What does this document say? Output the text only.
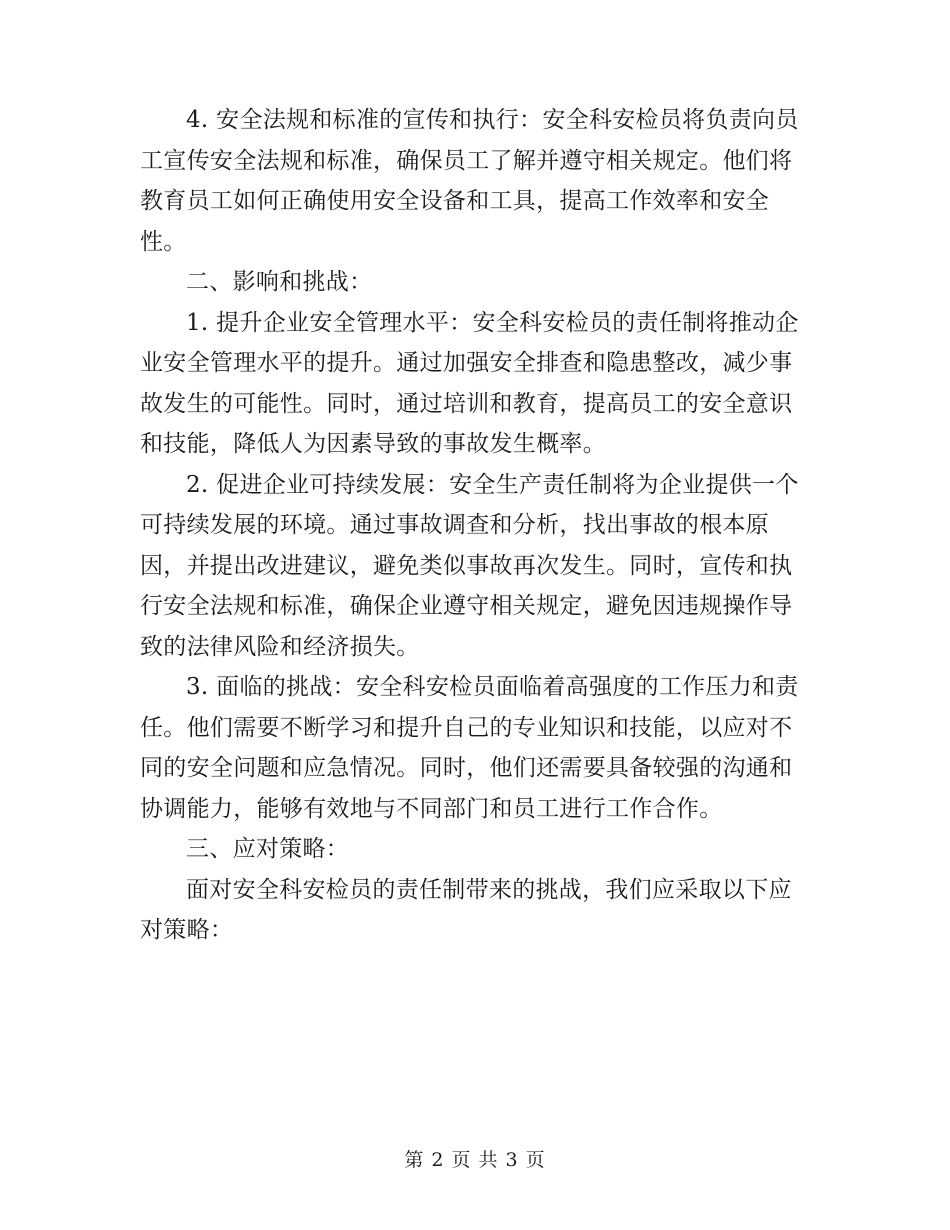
4. 安全法规和标准的宣传和执行：安全科安检员将负责向员工宣传安全法规和标准，确保员工了解并遵守相关规定。他们将教育员工如何正确使用安全设备和工具，提高工作效率和安全性。

二、影响和挑战：

1. 提升企业安全管理水平：安全科安检员的责任制将推动企业安全管理水平的提升。通过加强安全排查和隐患整改，减少事故发生的可能性。同时，通过培训和教育，提高员工的安全意识和技能，降低人为因素导致的事故发生概率。

2. 促进企业可持续发展：安全生产责任制将为企业提供一个可持续发展的环境。通过事故调查和分析，找出事故的根本原因，并提出改进建议，避免类似事故再次发生。同时，宣传和执行安全法规和标准，确保企业遵守相关规定，避免因违规操作导致的法律风险和经济损失。

3. 面临的挑战：安全科安检员面临着高强度的工作压力和责任。他们需要不断学习和提升自己的专业知识和技能，以应对不同的安全问题和应急情况。同时，他们还需要具备较强的沟通和协调能力，能够有效地与不同部门和员工进行工作合作。

三、应对策略：

面对安全科安检员的责任制带来的挑战，我们应采取以下应对策略：

第 2 页 共 3 页
